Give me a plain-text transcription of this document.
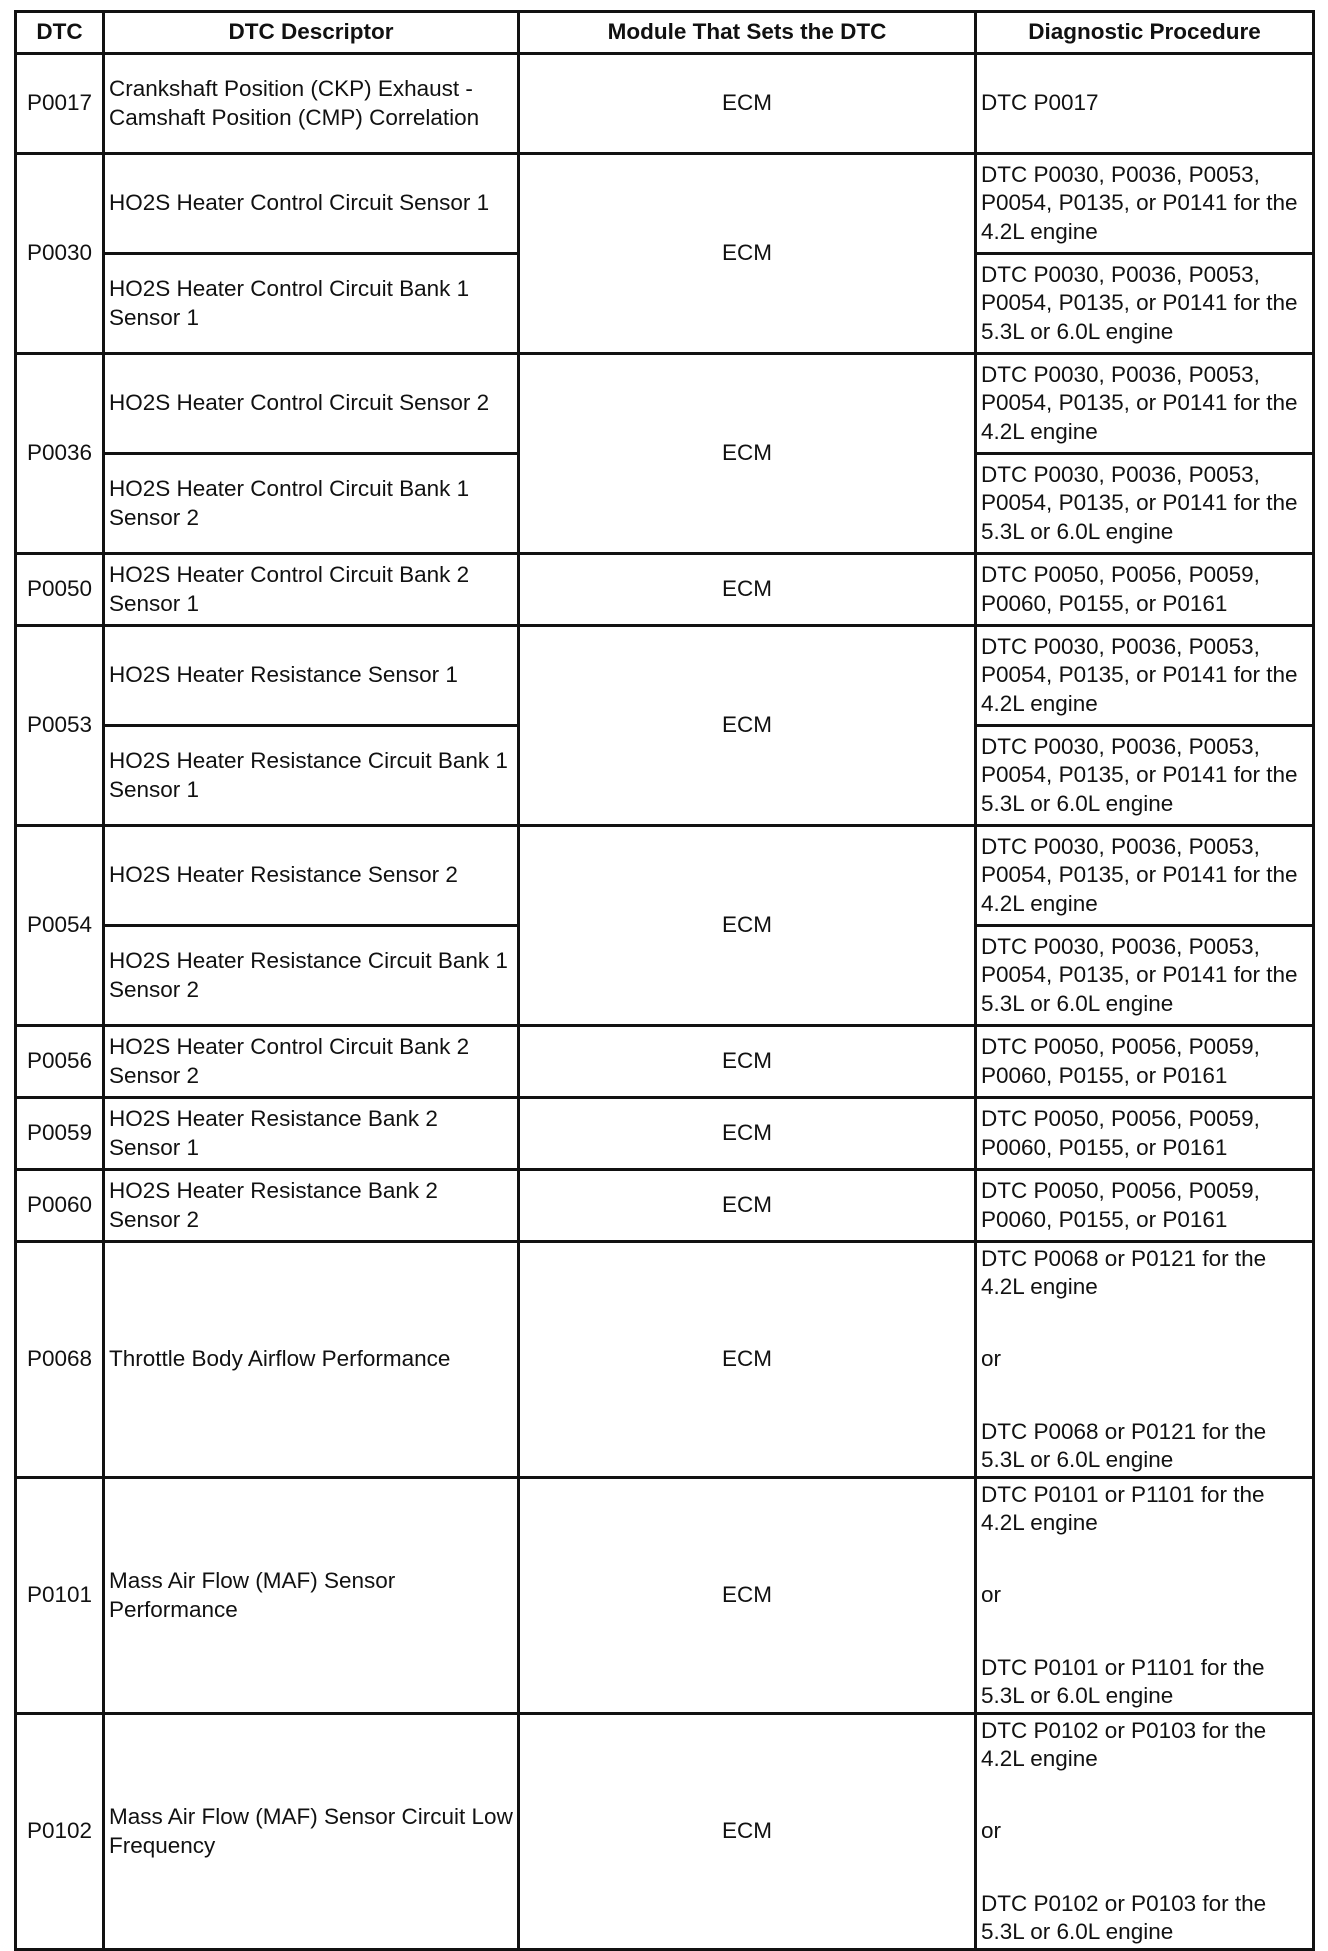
DTC	DTC Descriptor	Module That Sets the DTC	Diagnostic Procedure
P0017	Crankshaft Position (CKP) Exhaust - Camshaft Position (CMP) Correlation	ECM	DTC P0017

P0030	HO2S Heater Control Circuit Sensor 1	ECM	DTC P0030, P0036, P0053, P0054, P0135, or P0141 for the 4.2L engine

	HO2S Heater Control Circuit Bank 1 Sensor 1		DTC P0030, P0036, P0053, P0054, P0135, or P0141 for the 5.3L or 6.0L engine

P0036	HO2S Heater Control Circuit Sensor 2	ECM	DTC P0030, P0036, P0053, P0054, P0135, or P0141 for the 4.2L engine

	HO2S Heater Control Circuit Bank 1 Sensor 2		DTC P0030, P0036, P0053, P0054, P0135, or P0141 for the 5.3L or 6.0L engine

P0050	HO2S Heater Control Circuit Bank 2 Sensor 1	ECM	DTC P0050, P0056, P0059, P0060, P0155, or P0161

P0053	HO2S Heater Resistance Sensor 1	ECM	DTC P0030, P0036, P0053, P0054, P0135, or P0141 for the 4.2L engine

	HO2S Heater Resistance Circuit Bank 1 Sensor 1		DTC P0030, P0036, P0053, P0054, P0135, or P0141 for the 5.3L or 6.0L engine

P0054	HO2S Heater Resistance Sensor 2	ECM	DTC P0030, P0036, P0053, P0054, P0135, or P0141 for the 4.2L engine

	HO2S Heater Resistance Circuit Bank 1 Sensor 2		DTC P0030, P0036, P0053, P0054, P0135, or P0141 for the 5.3L or 6.0L engine

P0056	HO2S Heater Control Circuit Bank 2 Sensor 2	ECM	DTC P0050, P0056, P0059, P0060, P0155, or P0161

P0059	HO2S Heater Resistance Bank 2 Sensor 1	ECM	DTC P0050, P0056, P0059, P0060, P0155, or P0161

P0060	HO2S Heater Resistance Bank 2 Sensor 2	ECM	DTC P0050, P0056, P0059, P0060, P0155, or P0161

P0068	Throttle Body Airflow Performance	ECM	DTC P0068 or P0121 for the 4.2L engine
or
DTC P0068 or P0121 for the 5.3L or 6.0L engine

P0101	Mass Air Flow (MAF) Sensor Performance	ECM	DTC P0101 or P1101 for the 4.2L engine
or
DTC P0101 or P1101 for the 5.3L or 6.0L engine

P0102	Mass Air Flow (MAF) Sensor Circuit Low Frequency	ECM	DTC P0102 or P0103 for the 4.2L engine
or
DTC P0102 or P0103 for the 5.3L or 6.0L engine
